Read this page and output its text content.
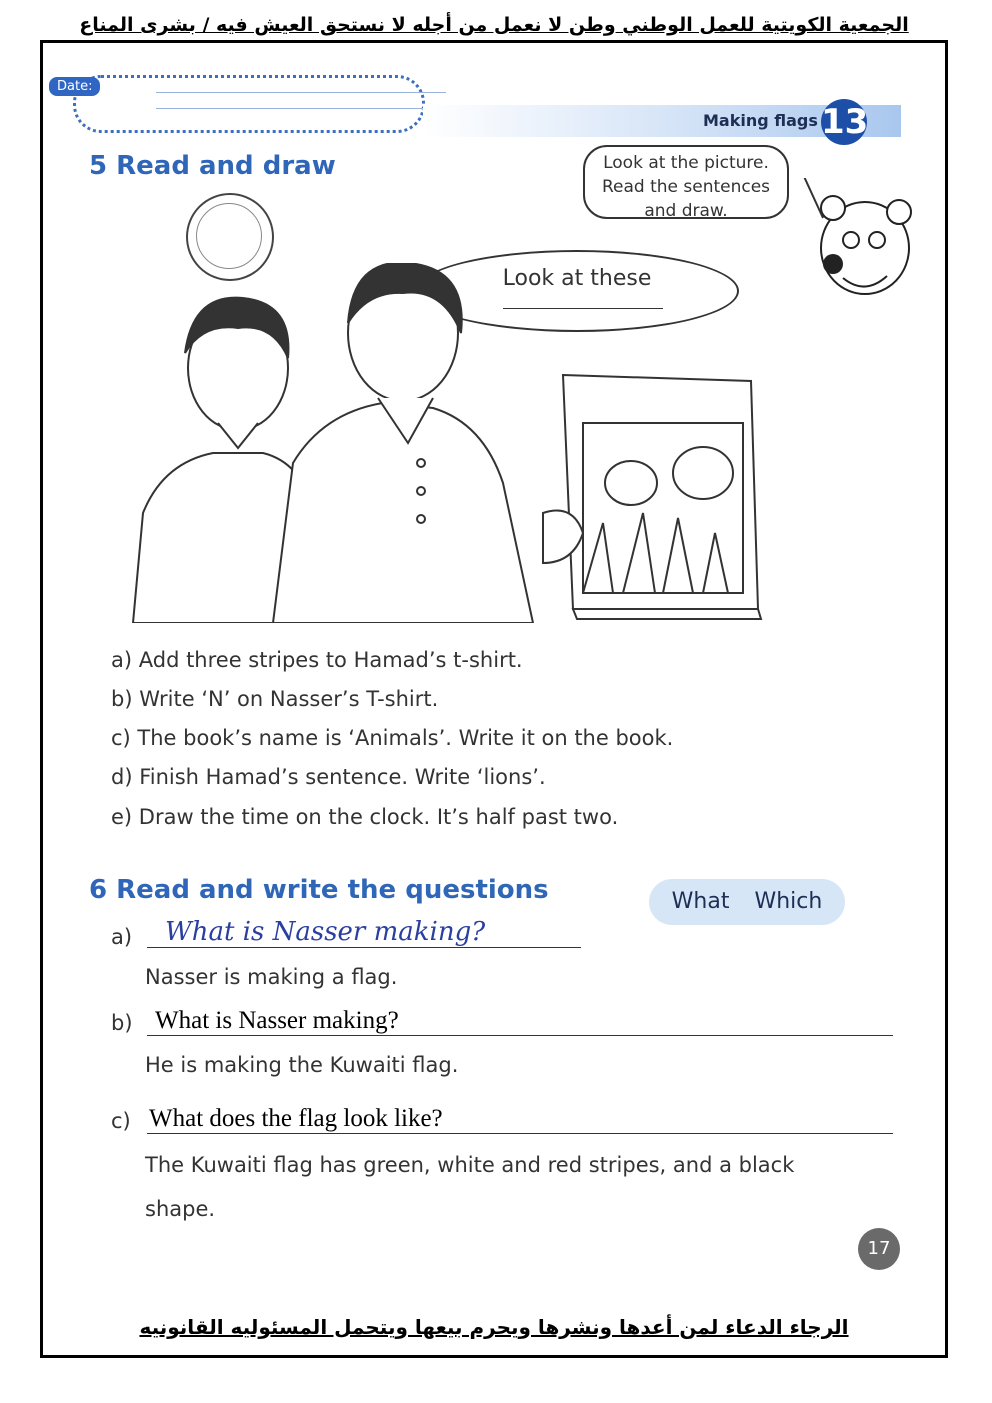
الجمعية الكويتية للعمل الوطني وطن لا نعمل من أجله لا نستحق العيش فيه / بشرى المناع
Date:
Making flags 13
5 Read and draw	Look at the picture.
Read the sentences
and draw.
Look at these
a) Add three stripes to Hamad’s t-shirt.
b) Write ‘N’ on Nasser’s T-shirt.
c) The book’s name is ‘Animals’. Write it on the book.
d) Finish Hamad’s sentence. Write ‘lions’.
e) Draw the time on the clock. It’s half past two.
6 Read and write the questions	What Which
a) What is Nasser making?
Nasser is making a flag.
b) What is Nasser making?
He is making the Kuwaiti flag.
c) What does the flag look like?
The Kuwaiti flag has green, white and red stripes, and a black
shape.
17
الرجاء الدعاء لمن أعدها ونشرها ويحرم بيعها ويتحمل المسئوليه القانونيه
